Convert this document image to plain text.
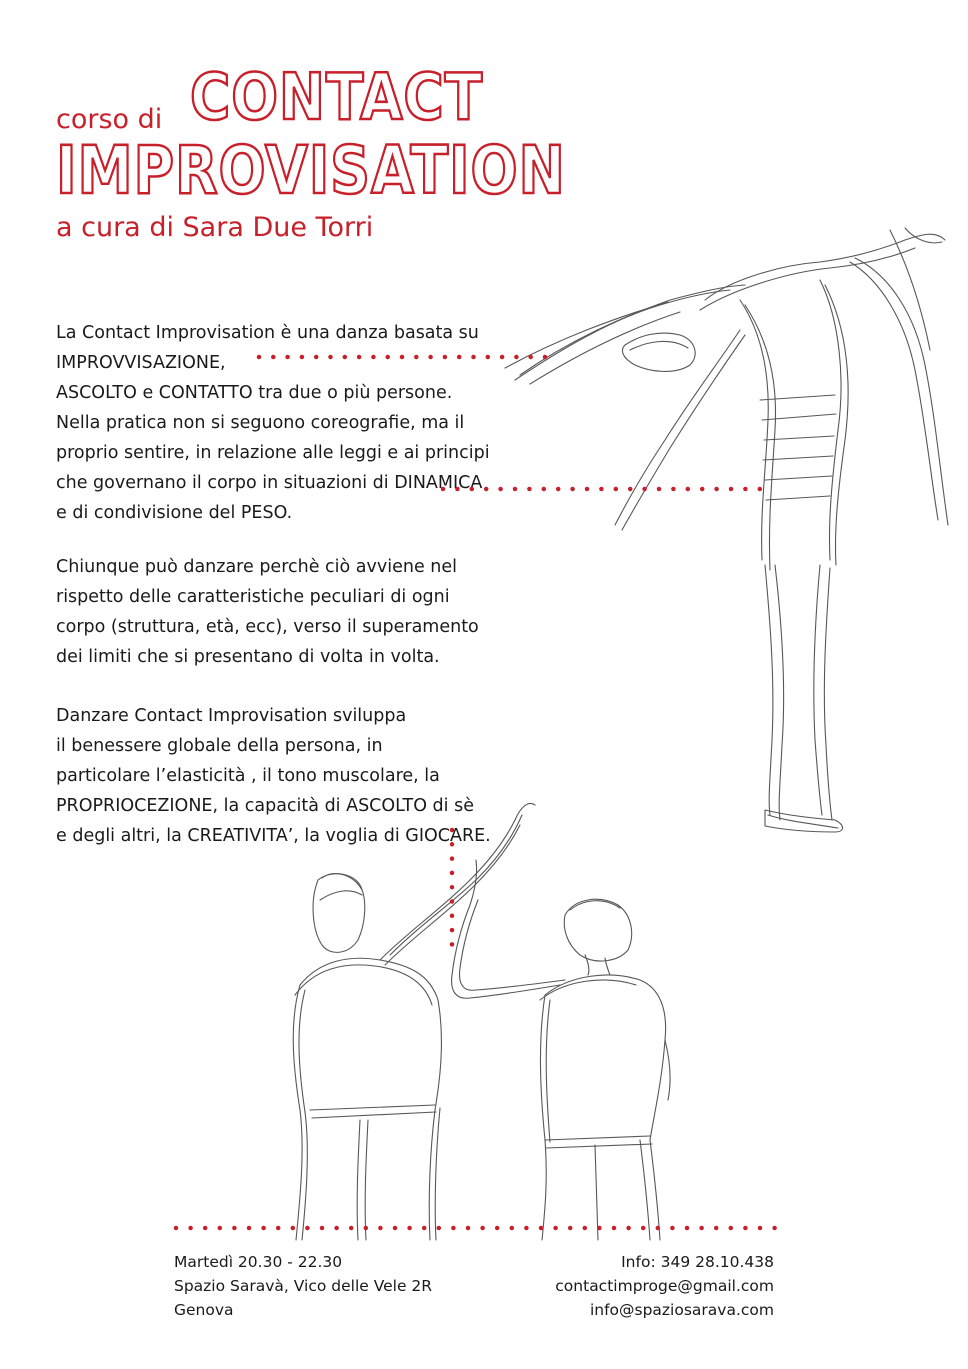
corso di CONTACT
IMPROVISATION
a cura di Sara Due Torri
La Contact Improvisation è una danza basata su
IMPROVVISAZIONE,
ASCOLTO e CONTATTO tra due o più persone.
Nella pratica non si seguono coreografie, ma il
proprio sentire, in relazione alle leggi e ai principi
che governano il corpo in situazioni di DINAMICA
e di condivisione del PESO.
Chiunque può danzare perchè ciò avviene nel
rispetto delle caratteristiche peculiari di ogni
corpo (struttura, età, ecc), verso il superamento
dei limiti che si presentano di volta in volta.
Danzare Contact Improvisation sviluppa
il benessere globale della persona, in
particolare l’elasticità , il tono muscolare, la
PROPRIOCEZIONE, la capacità di ASCOLTO di sè
e degli altri, la CREATIVITA’, la voglia di GIOCARE.
Martedì 20.30 - 22.30
Spazio Saravà, Vico delle Vele 2R
Genova
Info: 349 28.10.438
contactimproge@gmail.com
info@spaziosarava.com
